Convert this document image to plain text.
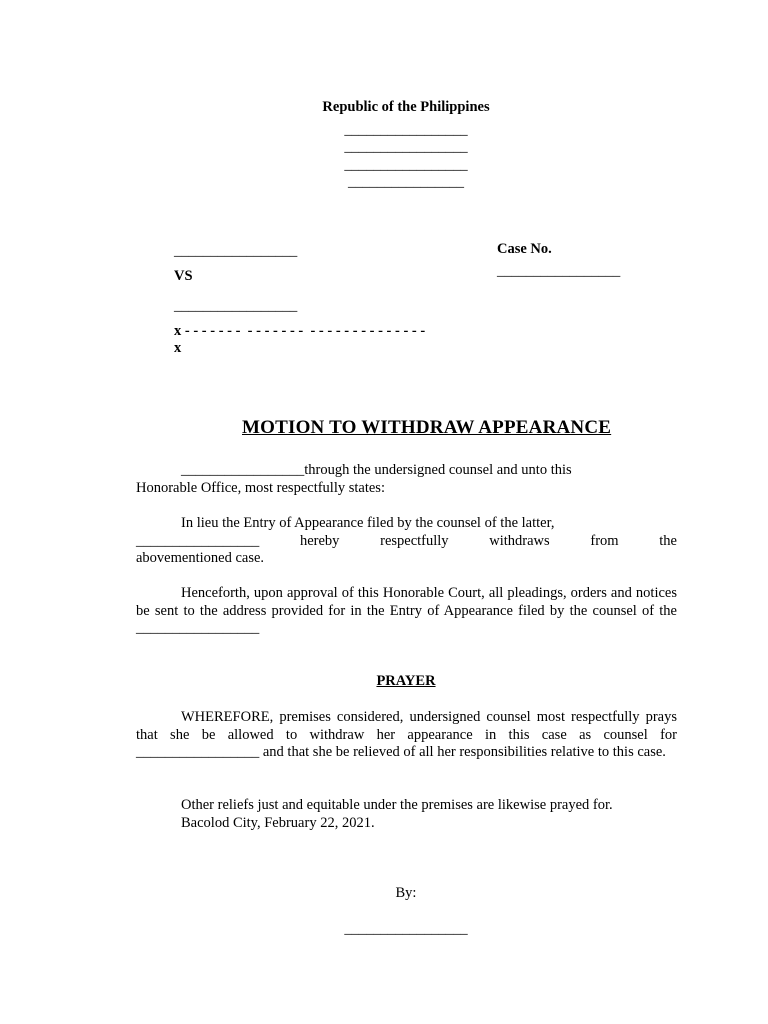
Republic of the Philippines
_________________
_________________
_________________
________________
_________________
VS
_________________
x - - - - - - -  - - - - - - -  - - - - - - - - - - - - - -
x
Case No.
_________________
MOTION TO WITHDRAW APPEARANCE

_________________through the undersigned counsel and unto this

Honorable Office, most respectfully states:

In lieu the Entry of Appearance filed by the counsel of the latter,

_________________	hereby	respectfully	withdraws	from	the

abovementioned case.

Henceforth, upon approval of this Honorable Court, all pleadings, orders and notices be sent to the address provided for in the Entry of Appearance filed by the counsel of the _________________

PRAYER

WHEREFORE, premises considered, undersigned counsel most respectfully prays that she be allowed to withdraw her appearance in this case as counsel for _________________ and that she be relieved of all her responsibilities relative to this case.

Other reliefs just and equitable under the premises are likewise prayed for.

Bacolod City, February 22, 2021.

By:
_________________
